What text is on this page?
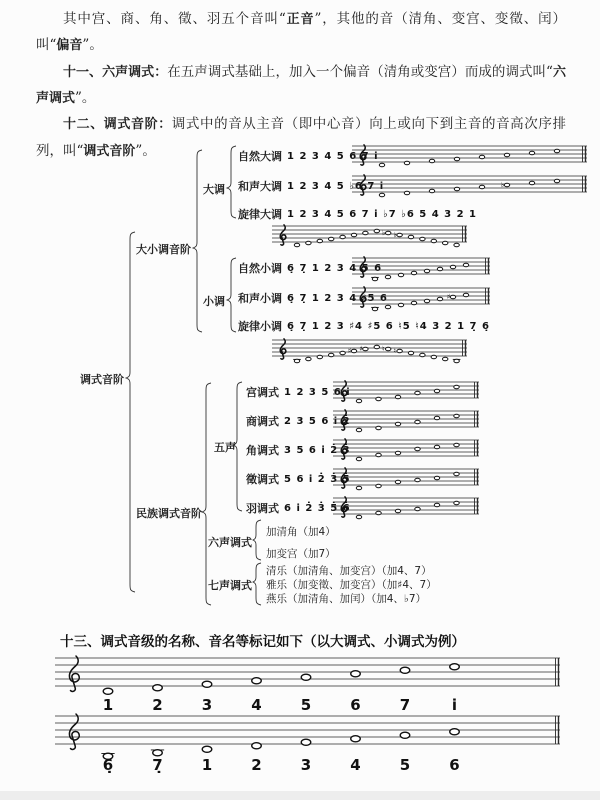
其中宫、商、角、徵、羽五个音叫“正音”，其他的音（清角、变宫、变徵、闰）叫“偏音”。

十一、六声调式：在五声调式基础上，加入一个偏音（清角或变宫）而成的调式叫“六声调式”。

十二、调式音阶：调式中的音从主音（即中心音）向上或向下到主音的音高次序排列，叫“调式音阶”。

调式音阶
大小调音阶
大调
小调
民族调式音阶
五声
六声调式
七声调式
自然大调 1 2 3 4 5 6 7 i
和声大调 1 2 3 4 5 ♭6 7 i
旋律大调 1 2 3 4 5 6 7 i ♭7 ♭6 5 4 3 2 1
自然小调 6̣ 7̣ 1 2 3 4 5 6
和声小调 6̣ 7̣ 1 2 3 4 ♯5 6
旋律小调 6̣ 7̣ 1 2 3 ♯4 ♯5 6 ♮5 ♮4 3 2 1 7̣ 6̣
宫调式 1 2 3 5 6 i
商调式 2 3 5 6 i 2̇
角调式 3 5 6 i 2̇ 3̇
徵调式 5 6 i 2̇ 3̇ 5̇
羽调式 6 i 2̇ 3̇ 5̇ 6̇
加清角（加4）
加变宫（加7）
清乐（加清角、加变宫）（加4、7）
雅乐（加变徵、加变宫）（加♯4、7）
燕乐（加清角、加闰）（加4、♭7）
♭
♭ ♭
♯
♯ ♯	♮ ♮
十三、调式音级的名称、音名等标记如下（以大调式、小调式为例）
1	2	3	4	5	6	7	i
6̣	7̣	1	2	3	4	5	6
